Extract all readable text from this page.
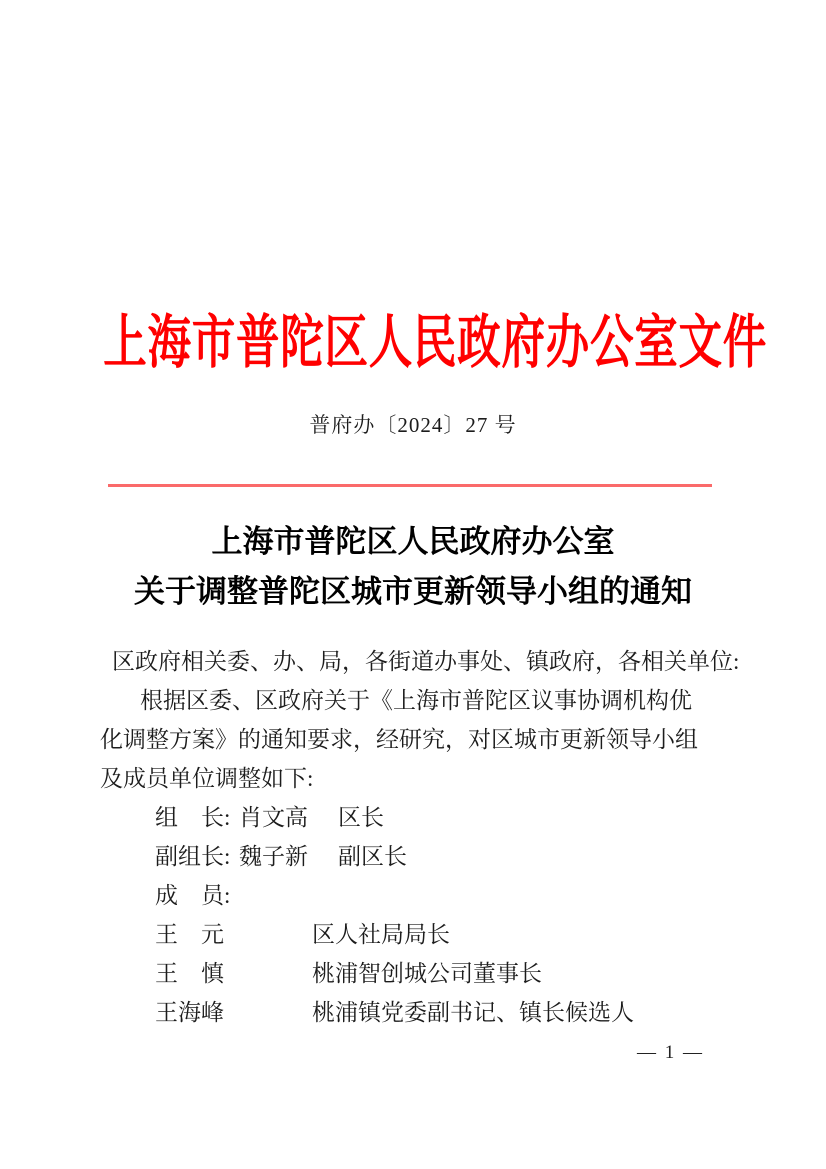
上海市普陀区人民政府办公室文件
普府办〔2024〕27 号
上海市普陀区人民政府办公室
关于调整普陀区城市更新领导小组的通知
区政府相关委、办、局，各街道办事处、镇政府，各相关单位:
根据区委、区政府关于《上海市普陀区议事协调机构优
化调整方案》的通知要求，经研究，对区城市更新领导小组
及成员单位调整如下:
组　长: 肖文高	区长
副组长: 魏子新	副区长
成　员:
王　元	区人社局局长
王　慎	桃浦智创城公司董事长
王海峰	桃浦镇党委副书记、镇长候选人
— 1 —
